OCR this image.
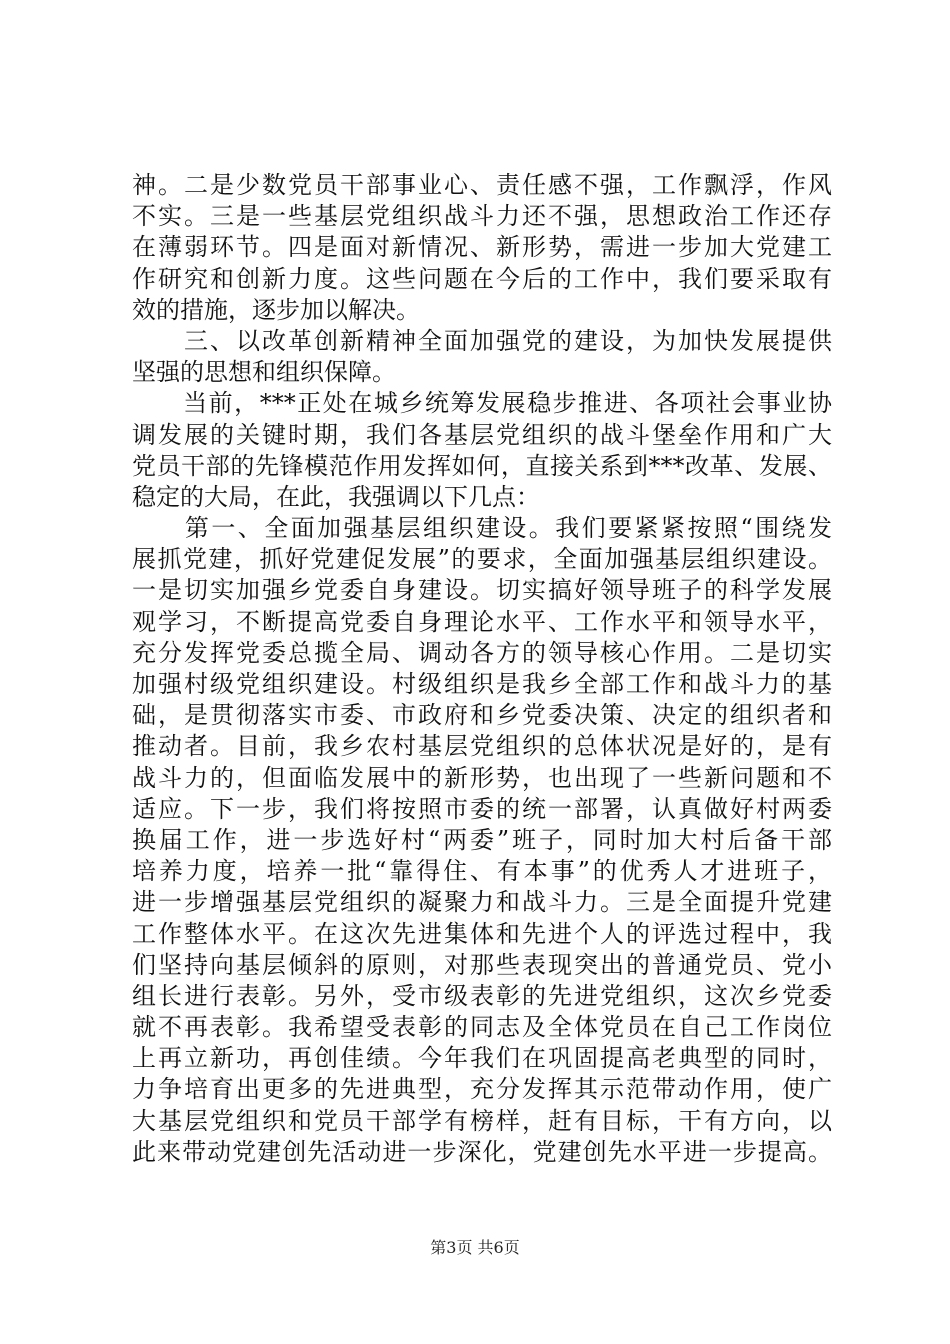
神。二是少数党员干部事业心、责任感不强，工作飘浮，作风
不实。三是一些基层党组织战斗力还不强，思想政治工作还存
在薄弱环节。四是面对新情况、新形势，需进一步加大党建工
作研究和创新力度。这些问题在今后的工作中，我们要采取有
效的措施，逐步加以解决。
　　三、以改革创新精神全面加强党的建设，为加快发展提供
坚强的思想和组织保障。
　　当前，***正处在城乡统筹发展稳步推进、各项社会事业协
调发展的关键时期，我们各基层党组织的战斗堡垒作用和广大
党员干部的先锋模范作用发挥如何，直接关系到***改革、发展、
稳定的大局，在此，我强调以下几点：
　　第一、全面加强基层组织建设。我们要紧紧按照“围绕发
展抓党建，抓好党建促发展”的要求，全面加强基层组织建设。
一是切实加强乡党委自身建设。切实搞好领导班子的科学发展
观学习，不断提高党委自身理论水平、工作水平和领导水平，
充分发挥党委总揽全局、调动各方的领导核心作用。二是切实
加强村级党组织建设。村级组织是我乡全部工作和战斗力的基
础，是贯彻落实市委、市政府和乡党委决策、决定的组织者和
推动者。目前，我乡农村基层党组织的总体状况是好的，是有
战斗力的，但面临发展中的新形势，也出现了一些新问题和不
适应。下一步，我们将按照市委的统一部署，认真做好村两委
换届工作，进一步选好村“两委”班子，同时加大村后备干部
培养力度，培养一批“靠得住、有本事”的优秀人才进班子，
进一步增强基层党组织的凝聚力和战斗力。三是全面提升党建
工作整体水平。在这次先进集体和先进个人的评选过程中，我
们坚持向基层倾斜的原则，对那些表现突出的普通党员、党小
组长进行表彰。另外，受市级表彰的先进党组织，这次乡党委
就不再表彰。我希望受表彰的同志及全体党员在自己工作岗位
上再立新功，再创佳绩。今年我们在巩固提高老典型的同时，
力争培育出更多的先进典型，充分发挥其示范带动作用，使广
大基层党组织和党员干部学有榜样，赶有目标，干有方向，以
此来带动党建创先活动进一步深化，党建创先水平进一步提高。
第3页 共6页
